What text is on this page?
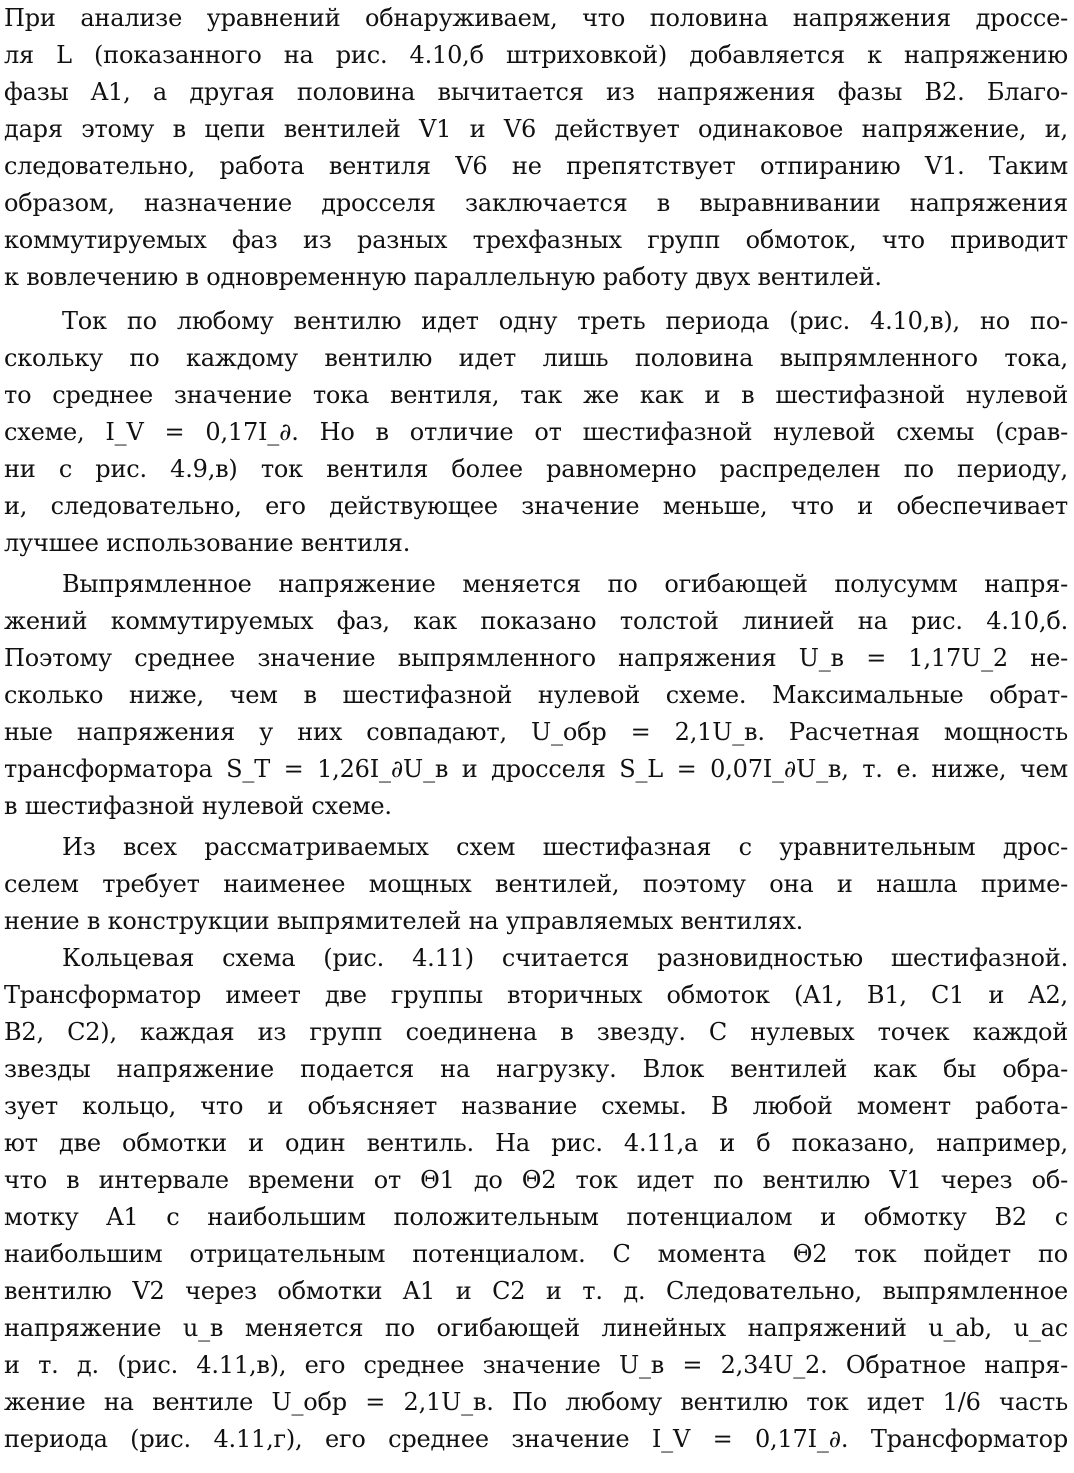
При анализе уравнений обнаруживаем, что половина напряжения дроссе-
ля L (показанного на рис. 4.10,б штриховкой) добавляется к напряжению
фазы A1, а другая половина вычитается из напряжения фазы B2. Благо-
даря этому в цепи вентилей V1 и V6 действует одинаковое напряжение, и,
следовательно, работа вентиля V6 не препятствует отпиранию V1. Таким
образом, назначение дросселя заключается в выравнивании напряжения
коммутируемых фаз из разных трехфазных групп обмоток, что приводит
к вовлечению в одновременную параллельную работу двух вентилей.
Ток по любому вентилю идет одну треть периода (рис. 4.10,в), но по-
скольку по каждому вентилю идет лишь половина выпрямленного тока,
то среднее значение тока вентиля, так же как и в шестифазной нулевой
схеме, I_V = 0,17I_∂. Но в отличие от шестифазной нулевой схемы (срав-
ни с рис. 4.9,в) ток вентиля более равномерно распределен по периоду,
и, следовательно, его действующее значение меньше, что и обеспечивает
лучшее использование вентиля.
Выпрямленное напряжение меняется по огибающей полусумм напря-
жений коммутируемых фаз, как показано толстой линией на рис. 4.10,б.
Поэтому среднее значение выпрямленного напряжения U_в = 1,17U_2 не-
сколько ниже, чем в шестифазной нулевой схеме. Максимальные обрат-
ные напряжения у них совпадают, U_обр = 2,1U_в. Расчетная мощность
трансформатора S_T = 1,26I_∂U_в и дросселя S_L = 0,07I_∂U_в, т. е. ниже, чем
в шестифазной нулевой схеме.
Из всех рассматриваемых схем шестифазная с уравнительным дрос-
селем требует наименее мощных вентилей, поэтому она и нашла приме-
нение в конструкции выпрямителей на управляемых вентилях.
Кольцевая схема (рис. 4.11) считается разновидностью шестифазной.
Трансформатор имеет две группы вторичных обмоток (A1, B1, C1 и A2,
B2, C2), каждая из групп соединена в звезду. С нулевых точек каждой
звезды напряжение подается на нагрузку. Влок вентилей как бы обра-
зует кольцо, что и объясняет название схемы. В любой момент работа-
ют две обмотки и один вентиль. На рис. 4.11,a и б показано, например,
что в интервале времени от Θ1 до Θ2 ток идет по вентилю V1 через об-
мотку A1 с наибольшим положительным потенциалом и обмотку B2 с
наибольшим отрицательным потенциалом. С момента Θ2 ток пойдет по
вентилю V2 через обмотки A1 и C2 и т. д. Следовательно, выпрямленное
напряжение u_в меняется по огибающей линейных напряжений u_ab, u_ac
и т. д. (рис. 4.11,в), его среднее значение U_в = 2,34U_2. Обратное напря-
жение на вентиле U_обр = 2,1U_в. По любому вентилю ток идет 1/6 часть
периода (рис. 4.11,г), его среднее значение I_V = 0,17I_∂. Трансформатор
